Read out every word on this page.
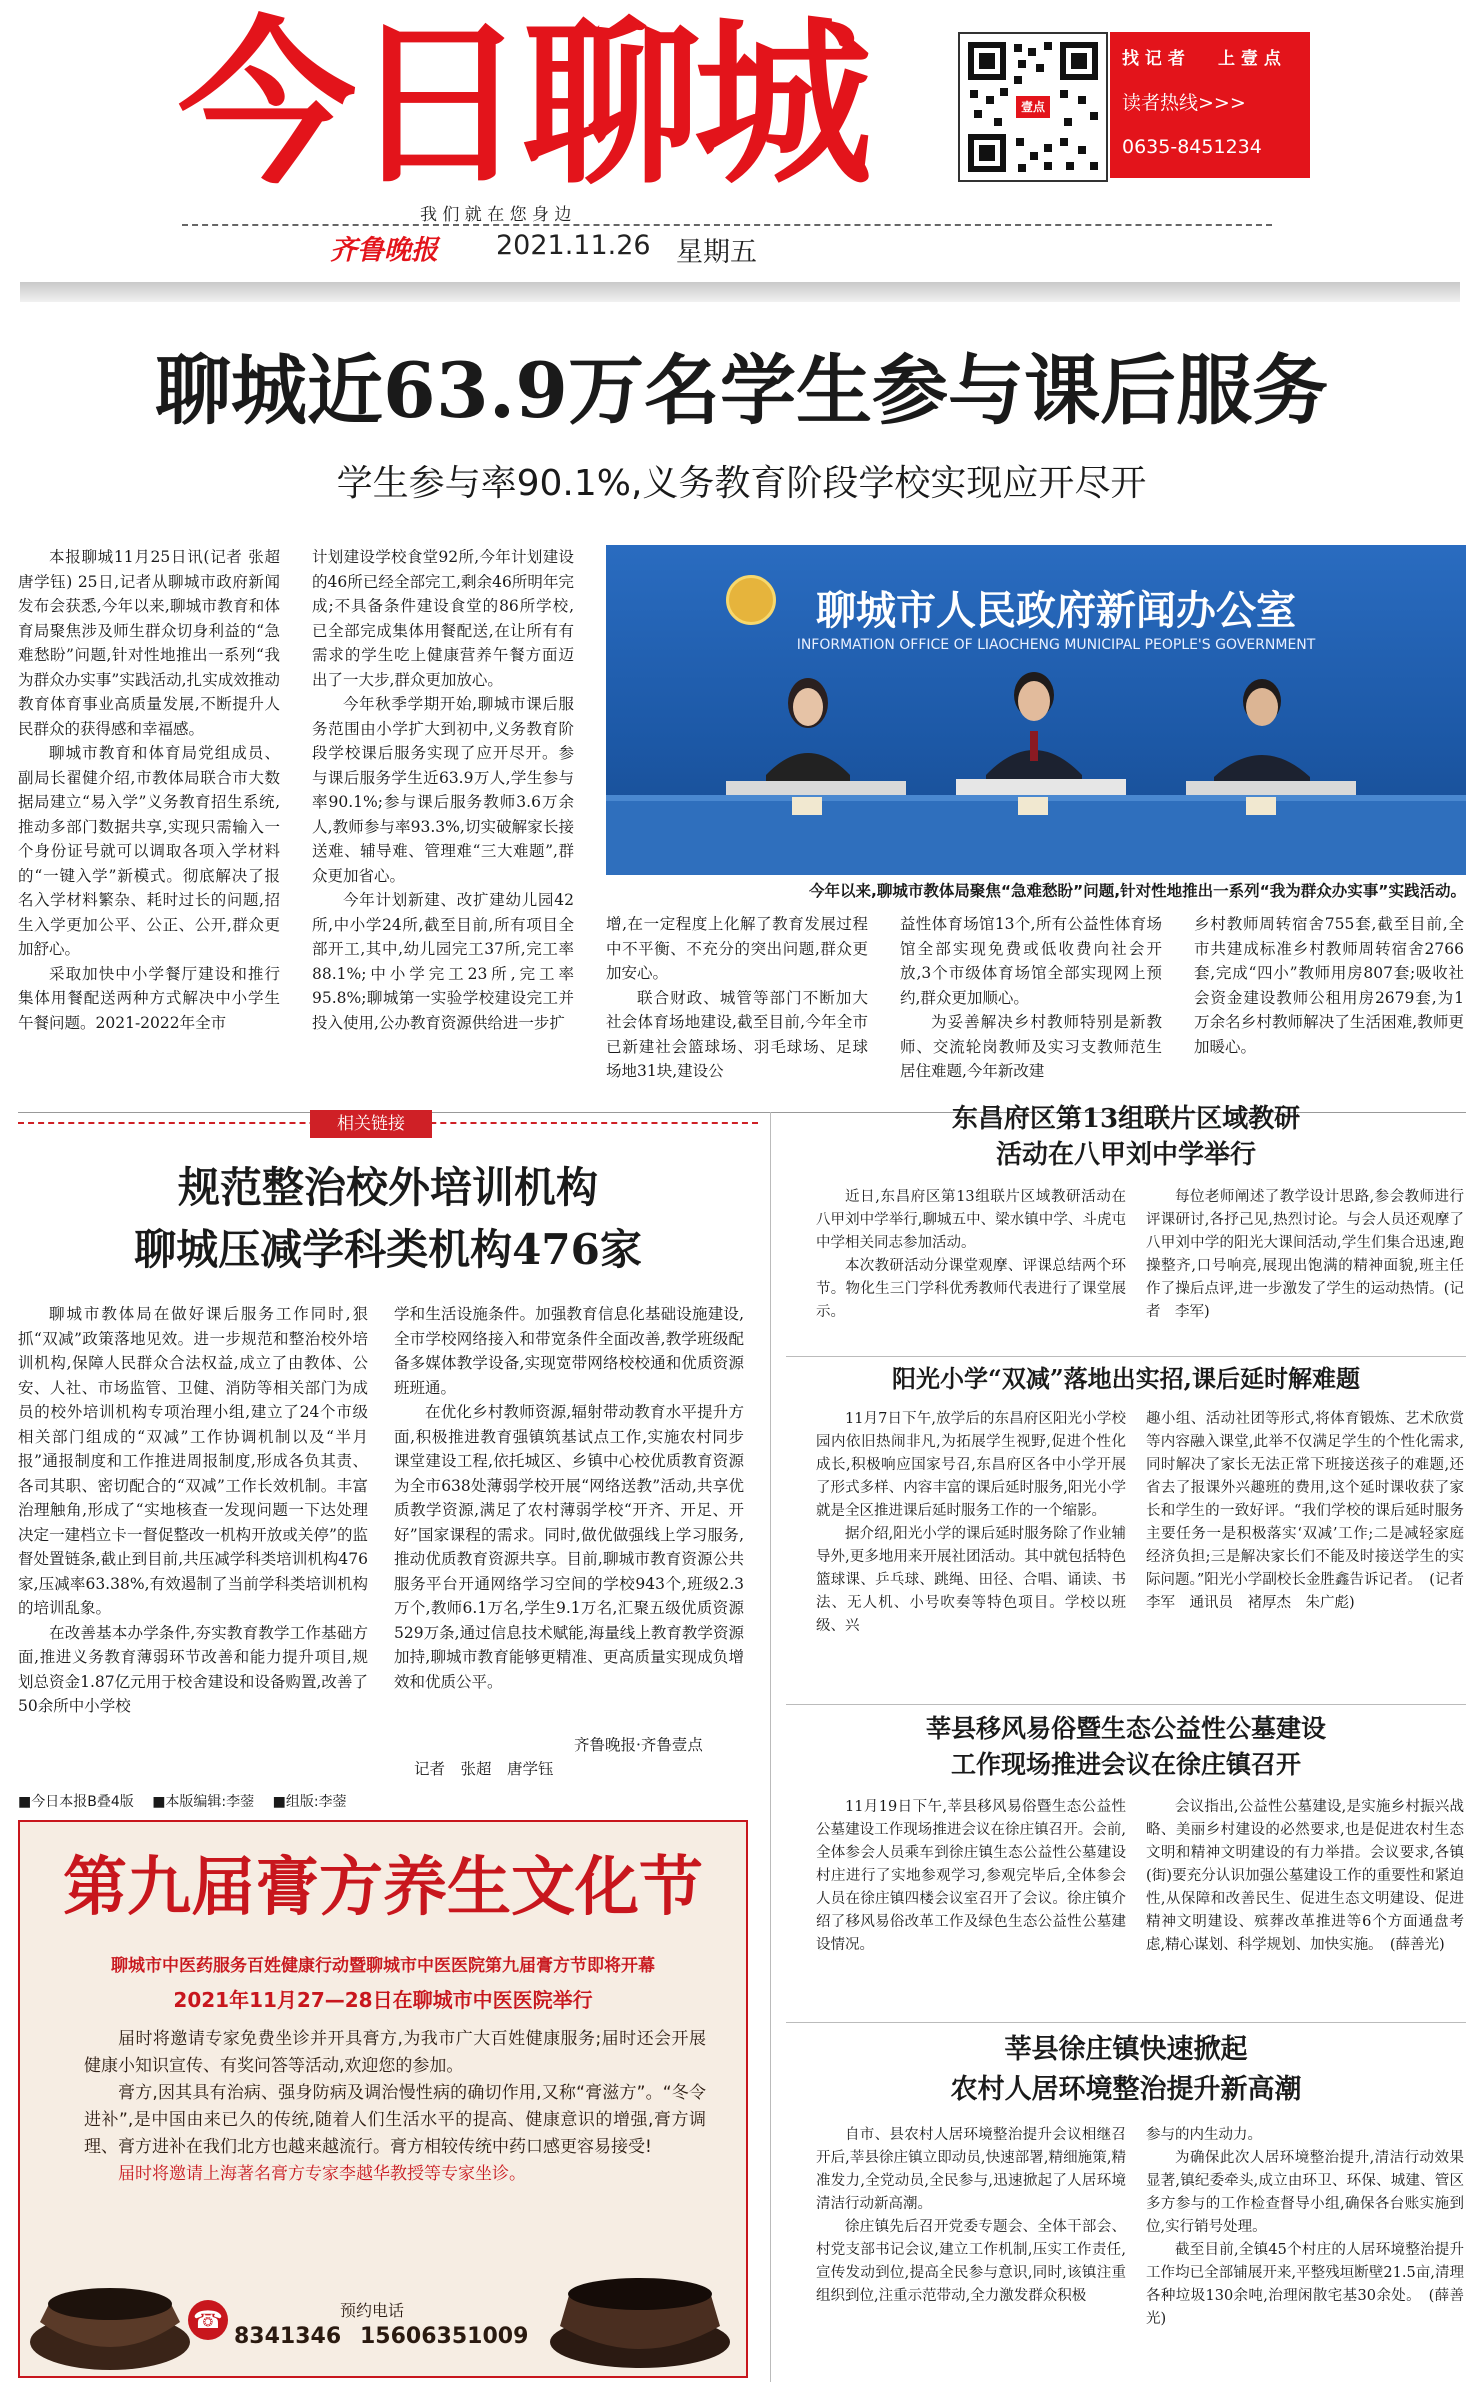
今日聊城	壹点
找 记 者 上 壹 点
读者热线>>>
0635-8451234
我 们 就 在 您 身 边
齐鲁晚报 2021.11.26 星期五
聊城近63.9万名学生参与课后服务
学生参与率90.1%,义务教育阶段学校实现应开尽开

本报聊城11月25日讯(记者 张超 唐学钰) 25日,记者从聊城市政府新闻发布会获悉,今年以来,聊城市教育和体育局聚焦涉及师生群众切身利益的“急难愁盼”问题,针对性地推出一系列“我为群众办实事”实践活动,扎实成效推动教育体育事业高质量发展,不断提升人民群众的获得感和幸福感。

聊城市教育和体育局党组成员、副局长翟健介绍,市教体局联合市大数据局建立“易入学”义务教育招生系统,推动多部门数据共享,实现只需输入一个身份证号就可以调取各项入学材料的“一键入学”新模式。彻底解决了报名入学材料繁杂、耗时过长的问题,招生入学更加公平、公正、公开,群众更加舒心。

采取加快中小学餐厅建设和推行集体用餐配送两种方式解决中小学生午餐问题。2021-2022年全市

计划建设学校食堂92所,今年计划建设的46所已经全部完工,剩余46所明年完成;不具备条件建设食堂的86所学校,已全部完成集体用餐配送,在让所有有需求的学生吃上健康营养午餐方面迈出了一大步,群众更加放心。

今年秋季学期开始,聊城市课后服务范围由小学扩大到初中,义务教育阶段学校课后服务实现了应开尽开。参与课后服务学生近63.9万人,学生参与率90.1%;参与课后服务教师3.6万余人,教师参与率93.3%,切实破解家长接送难、辅导难、管理难“三大难题”,群众更加省心。

今年计划新建、改扩建幼儿园42所,中小学24所,截至目前,所有项目全部开工,其中,幼儿园完工37所,完工率88.1%;中小学完工23所,完工率95.8%;聊城第一实验学校建设完工并投入使用,公办教育资源供给进一步扩

聊城市人民政府新闻办公室
INFORMATION OFFICE OF LIAOCHENG MUNICIPAL PEOPLE'S GOVERNMENT
今年以来,聊城市教体局聚焦“急难愁盼”问题,针对性地推出一系列“我为群众办实事”实践活动。

增,在一定程度上化解了教育发展过程中不平衡、不充分的突出问题,群众更加安心。

联合财政、城管等部门不断加大社会体育场地建设,截至目前,今年全市已新建社会篮球场、羽毛球场、足球场地31块,建设公

益性体育场馆13个,所有公益性体育场馆全部实现免费或低收费向社会开放,3个市级体育场馆全部实现网上预约,群众更加顺心。

为妥善解决乡村教师特别是新教师、交流轮岗教师及实习支教师范生居住难题,今年新改建

乡村教师周转宿舍755套,截至目前,全市共建成标准乡村教师周转宿舍2766套,完成“四小”教师用房807套;吸收社会资金建设教师公租用房2679套,为1万余名乡村教师解决了生活困难,教师更加暖心。

相关链接
规范整治校外培训机构
聊城压减学科类机构476家

聊城市教体局在做好课后服务工作同时,狠抓“双减”政策落地见效。进一步规范和整治校外培训机构,保障人民群众合法权益,成立了由教体、公安、人社、市场监管、卫健、消防等相关部门为成员的校外培训机构专项治理小组,建立了24个市级相关部门组成的“双减”工作协调机制以及“半月报”通报制度和工作推进周报制度,形成各负其责、各司其职、密切配合的“双减”工作长效机制。丰富治理触角,形成了“实地核查一发现问题一下达处理决定一建档立卡一督促整改一机构开放或关停”的监督处置链条,截止到目前,共压减学科类培训机构476家,压减率63.38%,有效遏制了当前学科类培训机构的培训乱象。

在改善基本办学条件,夯实教育教学工作基础方面,推进义务教育薄弱环节改善和能力提升项目,规划总资金1.87亿元用于校舍建设和设备购置,改善了50余所中小学校

学和生活设施条件。加强教育信息化基础设施建设,全市学校网络接入和带宽条件全面改善,教学班级配备多媒体教学设备,实现宽带网络校校通和优质资源班班通。

在优化乡村教师资源,辐射带动教育水平提升方面,积极推进教育强镇筑基试点工作,实施农村同步课堂建设工程,依托城区、乡镇中心校优质教育资源为全市638处薄弱学校开展“网络送教”活动,共享优质教学资源,满足了农村薄弱学校“开齐、开足、开好”国家课程的需求。同时,做优做强线上学习服务,推动优质教育资源共享。目前,聊城市教育资源公共服务平台开通网络学习空间的学校943个,班级2.3万个,教师6.1万名,学生9.1万名,汇聚五级优质资源529万条,通过信息技术赋能,海量线上教育教学资源加持,聊城市教育能够更精准、更高质量实现成负增效和优质公平。

齐鲁晚报·齐鲁壹点
记者　张超　唐学钰
■今日本报B叠4版 ■本版编辑:李蓥 ■组版:李蓥
第九届膏方养生文化节
聊城市中医药服务百姓健康行动暨聊城市中医医院第九届膏方节即将开幕
2021年11月27—28日在聊城市中医医院举行

届时将邀请专家免费坐诊并开具膏方,为我市广大百姓健康服务;届时还会开展健康小知识宣传、有奖问答等活动,欢迎您的参加。

膏方,因其具有治病、强身防病及调治慢性病的确切作用,又称“膏滋方”。“冬令进补”,是中国由来已久的传统,随着人们生活水平的提高、健康意识的增强,膏方调理、膏方进补在我们北方也越来越流行。膏方相较传统中药口感更容易接受!

届时将邀请上海著名膏方专家李越华教授等专家坐诊。

☎	预约电话
8341346 15606351009
东昌府区第13组联片区域教研
活动在八甲刘中学举行

近日,东昌府区第13组联片区域教研活动在八甲刘中学举行,聊城五中、梁水镇中学、斗虎屯中学相关同志参加活动。

本次教研活动分课堂观摩、评课总结两个环节。物化生三门学科优秀教师代表进行了课堂展示。

每位老师阐述了教学设计思路,参会教师进行评课研讨,各抒己见,热烈讨论。与会人员还观摩了八甲刘中学的阳光大课间活动,学生们集合迅速,跑操整齐,口号响亮,展现出饱满的精神面貌,班主任作了操后点评,进一步激发了学生的运动热情。(记者　李军)

阳光小学“双减”落地出实招,课后延时解难题

11月7日下午,放学后的东昌府区阳光小学校园内依旧热闹非凡,为拓展学生视野,促进个性化成长,积极响应国家号召,东昌府区各中小学开展了形式多样、内容丰富的课后延时服务,阳光小学就是全区推进课后延时服务工作的一个缩影。

据介绍,阳光小学的课后延时服务除了作业辅导外,更多地用来开展社团活动。其中就包括特色篮球课、乒乓球、跳绳、田径、合唱、诵读、书法、无人机、小号吹奏等特色项目。学校以班级、兴

趣小组、活动社团等形式,将体育锻炼、艺术欣赏等内容融入课堂,此举不仅满足学生的个性化需求,同时解决了家长无法正常下班接送孩子的难题,还省去了报课外兴趣班的费用,这个延时课收获了家长和学生的一致好评。“我们学校的课后延时服务主要任务一是积极落实‘双减’工作;二是减轻家庭经济负担;三是解决家长们不能及时接送学生的实际问题。”阳光小学副校长金胜鑫告诉记者。　(记者　李军　通讯员　褚厚杰　朱广彪)

莘县移风易俗暨生态公益性公墓建设
工作现场推进会议在徐庄镇召开

11月19日下午,莘县移风易俗暨生态公益性公墓建设工作现场推进会议在徐庄镇召开。会前,全体参会人员乘车到徐庄镇生态公益性公墓建设村庄进行了实地参观学习,参观完毕后,全体参会人员在徐庄镇四楼会议室召开了会议。徐庄镇介绍了移风易俗改革工作及绿色生态公益性公墓建设情况。

会议指出,公益性公墓建设,是实施乡村振兴战略、美丽乡村建设的必然要求,也是促进农村生态文明和精神文明建设的有力举措。会议要求,各镇(街)要充分认识加强公墓建设工作的重要性和紧迫性,从保障和改善民生、促进生态文明建设、促进精神文明建设、殡葬改革推进等6个方面通盘考虑,精心谋划、科学规划、加快实施。　(薛善光)

莘县徐庄镇快速掀起
农村人居环境整治提升新高潮

自市、县农村人居环境整治提升会议相继召开后,莘县徐庄镇立即动员,快速部署,精细施策,精准发力,全党动员,全民参与,迅速掀起了人居环境清洁行动新高潮。

徐庄镇先后召开党委专题会、全体干部会、村党支部书记会议,建立工作机制,压实工作责任,宣传发动到位,提高全民参与意识,同时,该镇注重组织到位,注重示范带动,全力激发群众积极

参与的内生动力。

为确保此次人居环境整治提升,清洁行动效果显著,镇纪委牵头,成立由环卫、环保、城建、管区多方参与的工作检查督导小组,确保各台账实施到位,实行销号处理。

截至目前,全镇45个村庄的人居环境整治提升工作均已全部铺展开来,平整残垣断壁21.5亩,清理各种垃圾130余吨,治理闲散宅基30余处。　(薛善光)
